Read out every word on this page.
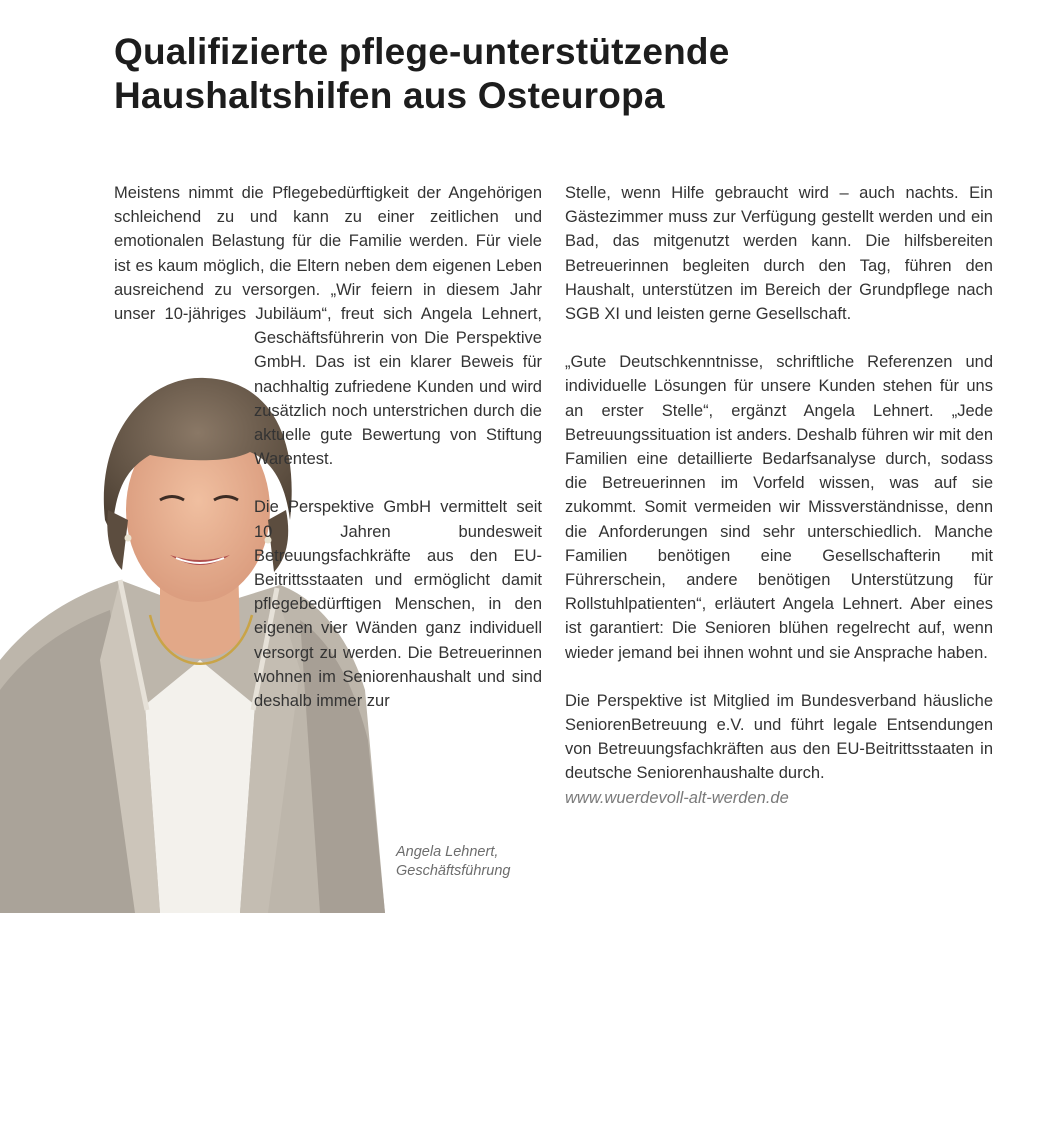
Qualifizierte pflege-unterstützende
Haushaltshilfen aus Osteuropa

Meistens nimmt die Pflegebedürftigkeit der Angehörigen schleichend zu und kann zu einer zeitlichen und emotionalen Belastung für die Familie werden. Für viele ist es kaum möglich, die Eltern neben dem eigenen Leben ausreichend zu versorgen. „Wir feiern in diesem Jahr unser 10-jähriges Jubiläum“, freut sich Angela Lehnert, Geschäftsführerin von Die Perspektive GmbH. Das ist ein klarer Beweis für nachhaltig zufriedene Kunden und wird zusätzlich noch unterstrichen durch die aktuelle gute Bewertung von Stiftung Warentest.

Die Perspektive GmbH vermittelt seit 10 Jahren bundesweit Betreuungsfachkräfte aus den EU-Beitrittsstaaten und ermöglicht damit pflegebedürftigen Menschen, in den eigenen vier Wänden ganz individuell versorgt zu werden. Die Betreuerinnen wohnen im Seniorenhaushalt und sind deshalb immer zur

Stelle, wenn Hilfe gebraucht wird – auch nachts. Ein Gästezimmer muss zur Verfügung gestellt werden und ein Bad, das mitgenutzt werden kann. Die hilfsbereiten Betreuerinnen begleiten durch den Tag, führen den Haushalt, unterstützen im Bereich der Grundpflege nach SGB XI und leisten gerne Gesellschaft.

„Gute Deutschkenntnisse, schriftliche Referenzen und individuelle Lösungen für unsere Kunden stehen für uns an erster Stelle“, ergänzt Angela Lehnert. „Jede Betreuungssituation ist anders. Deshalb führen wir mit den Familien eine detaillierte Bedarfsanalyse durch, sodass die Betreuerinnen im Vorfeld wissen, was auf sie zukommt. Somit vermeiden wir Missverständnisse, denn die Anforderungen sind sehr unterschiedlich. Manche Familien benötigen eine Gesellschafterin mit Führerschein, andere benötigen Unterstützung für Rollstuhlpatienten“, erläutert Angela Lehnert. Aber eines ist garantiert: Die Senioren blühen regelrecht auf, wenn wieder jemand bei ihnen wohnt und sie Ansprache haben.

Die Perspektive ist Mitglied im Bundesverband häusliche SeniorenBetreuung e.V. und führt legale Entsendungen von Betreuungsfachkräften aus den EU-Beitrittsstaaten in deutsche Seniorenhaushalte durch.

www.wuerdevoll-alt-werden.de

Angela Lehnert,
Geschäftsführung
